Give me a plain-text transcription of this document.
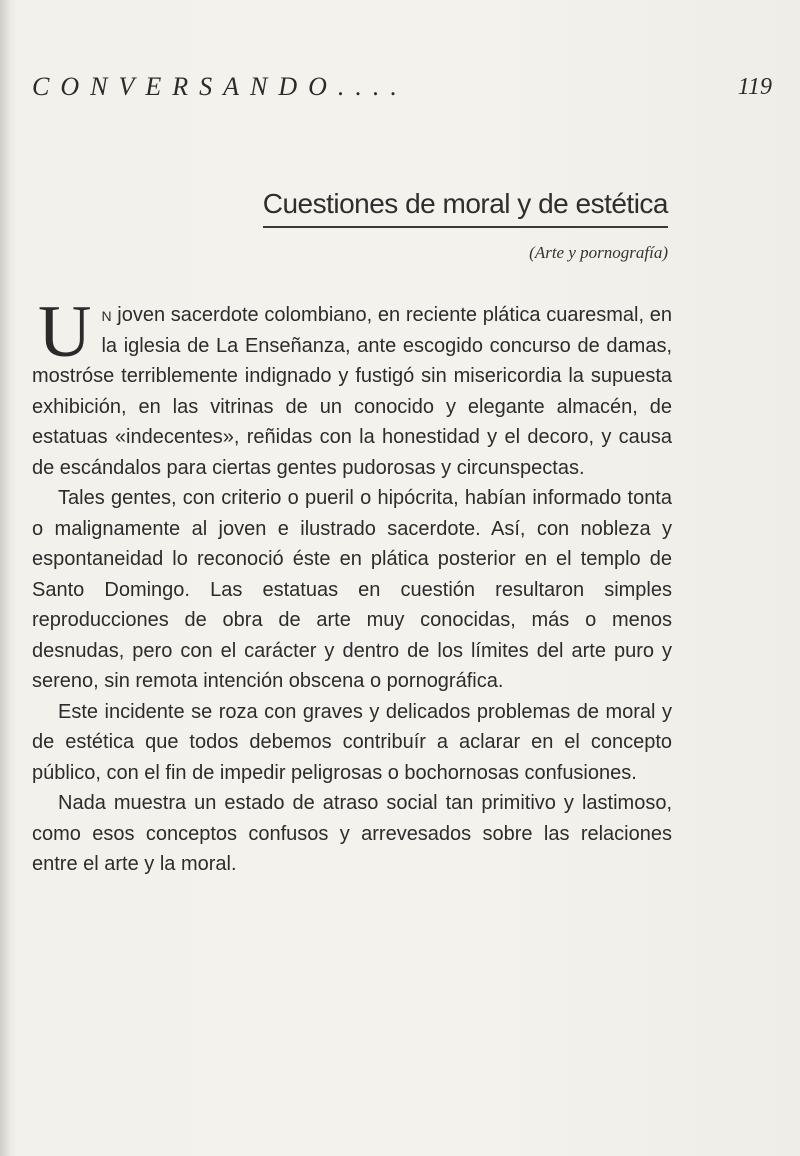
CONVERSANDO....	119
Cuestiones de moral y de estética
(Arte y pornografía)

Un joven sacerdote colombiano, en reciente plática cuaresmal, en la iglesia de La Enseñanza, ante escogido concurso de damas, mostróse terriblemente indignado y fustigó sin misericordia la supuesta exhibición, en las vitrinas de un conocido y elegante almacén, de estatuas «indecentes», reñidas con la honestidad y el decoro, y causa de escándalos para ciertas gentes pudorosas y circunspectas.

Tales gentes, con criterio o pueril o hipócrita, habían informado tonta o malignamente al joven e ilustrado sacerdote. Así, con nobleza y espontaneidad lo reconoció éste en plática posterior en el templo de Santo Domingo. Las estatuas en cuestión resultaron simples reproducciones de obra de arte muy conocidas, más o menos desnudas, pero con el carácter y dentro de los límites del arte puro y sereno, sin remota intención obscena o pornográfica.

Este incidente se roza con graves y delicados problemas de moral y de estética que todos debemos contribuír a aclarar en el concepto público, con el fin de impedir peligrosas o bochornosas confusiones.

Nada muestra un estado de atraso social tan primitivo y lastimoso, como esos conceptos confusos y arrevesados sobre las relaciones entre el arte y la moral.
